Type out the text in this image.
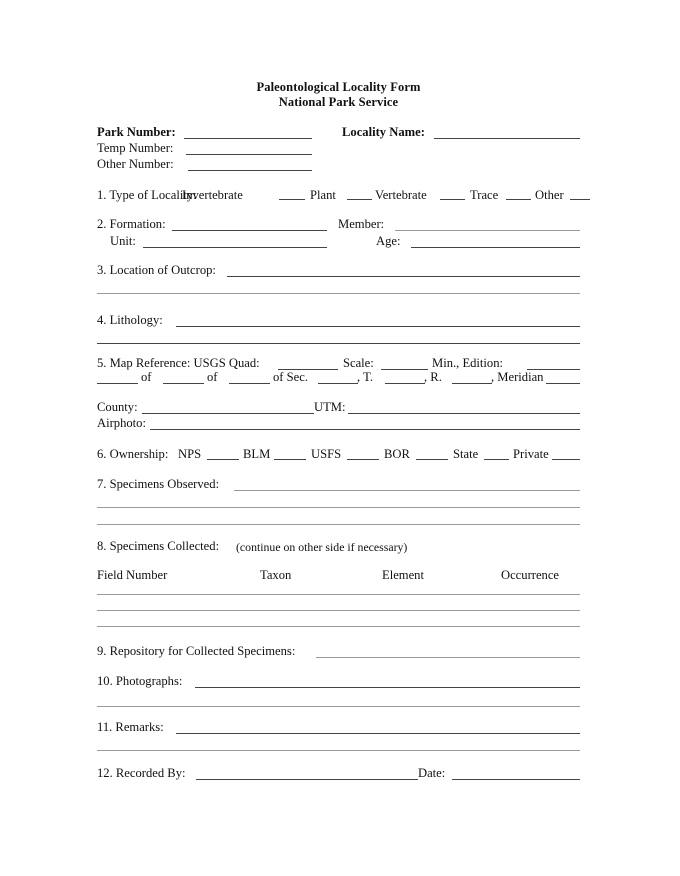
Paleontological Locality Form
National Park Service
Park Number:
Temp Number:
Other Number:
Locality Name:
1. Type of Locality:
Invertebrate	Plant	Vertebrate	Trace	Other
2. Formation:	Member:
Unit:	Age:
3. Location of Outcrop:
4. Lithology:
5. Map Reference: USGS Quad:	Scale:	Min., Edition:
of	of	of Sec.	, T.	, R.	, Meridian
County:	UTM:
Airphoto:
6. Ownership: NPS	BLM	USFS	BOR	State	Private
7. Specimens Observed:
8. Specimens Collected: (continue on other side if necessary)
Field Number	Taxon	Element	Occurrence
9. Repository for Collected Specimens:
10. Photographs:
11. Remarks:
12. Recorded By:	Date:
